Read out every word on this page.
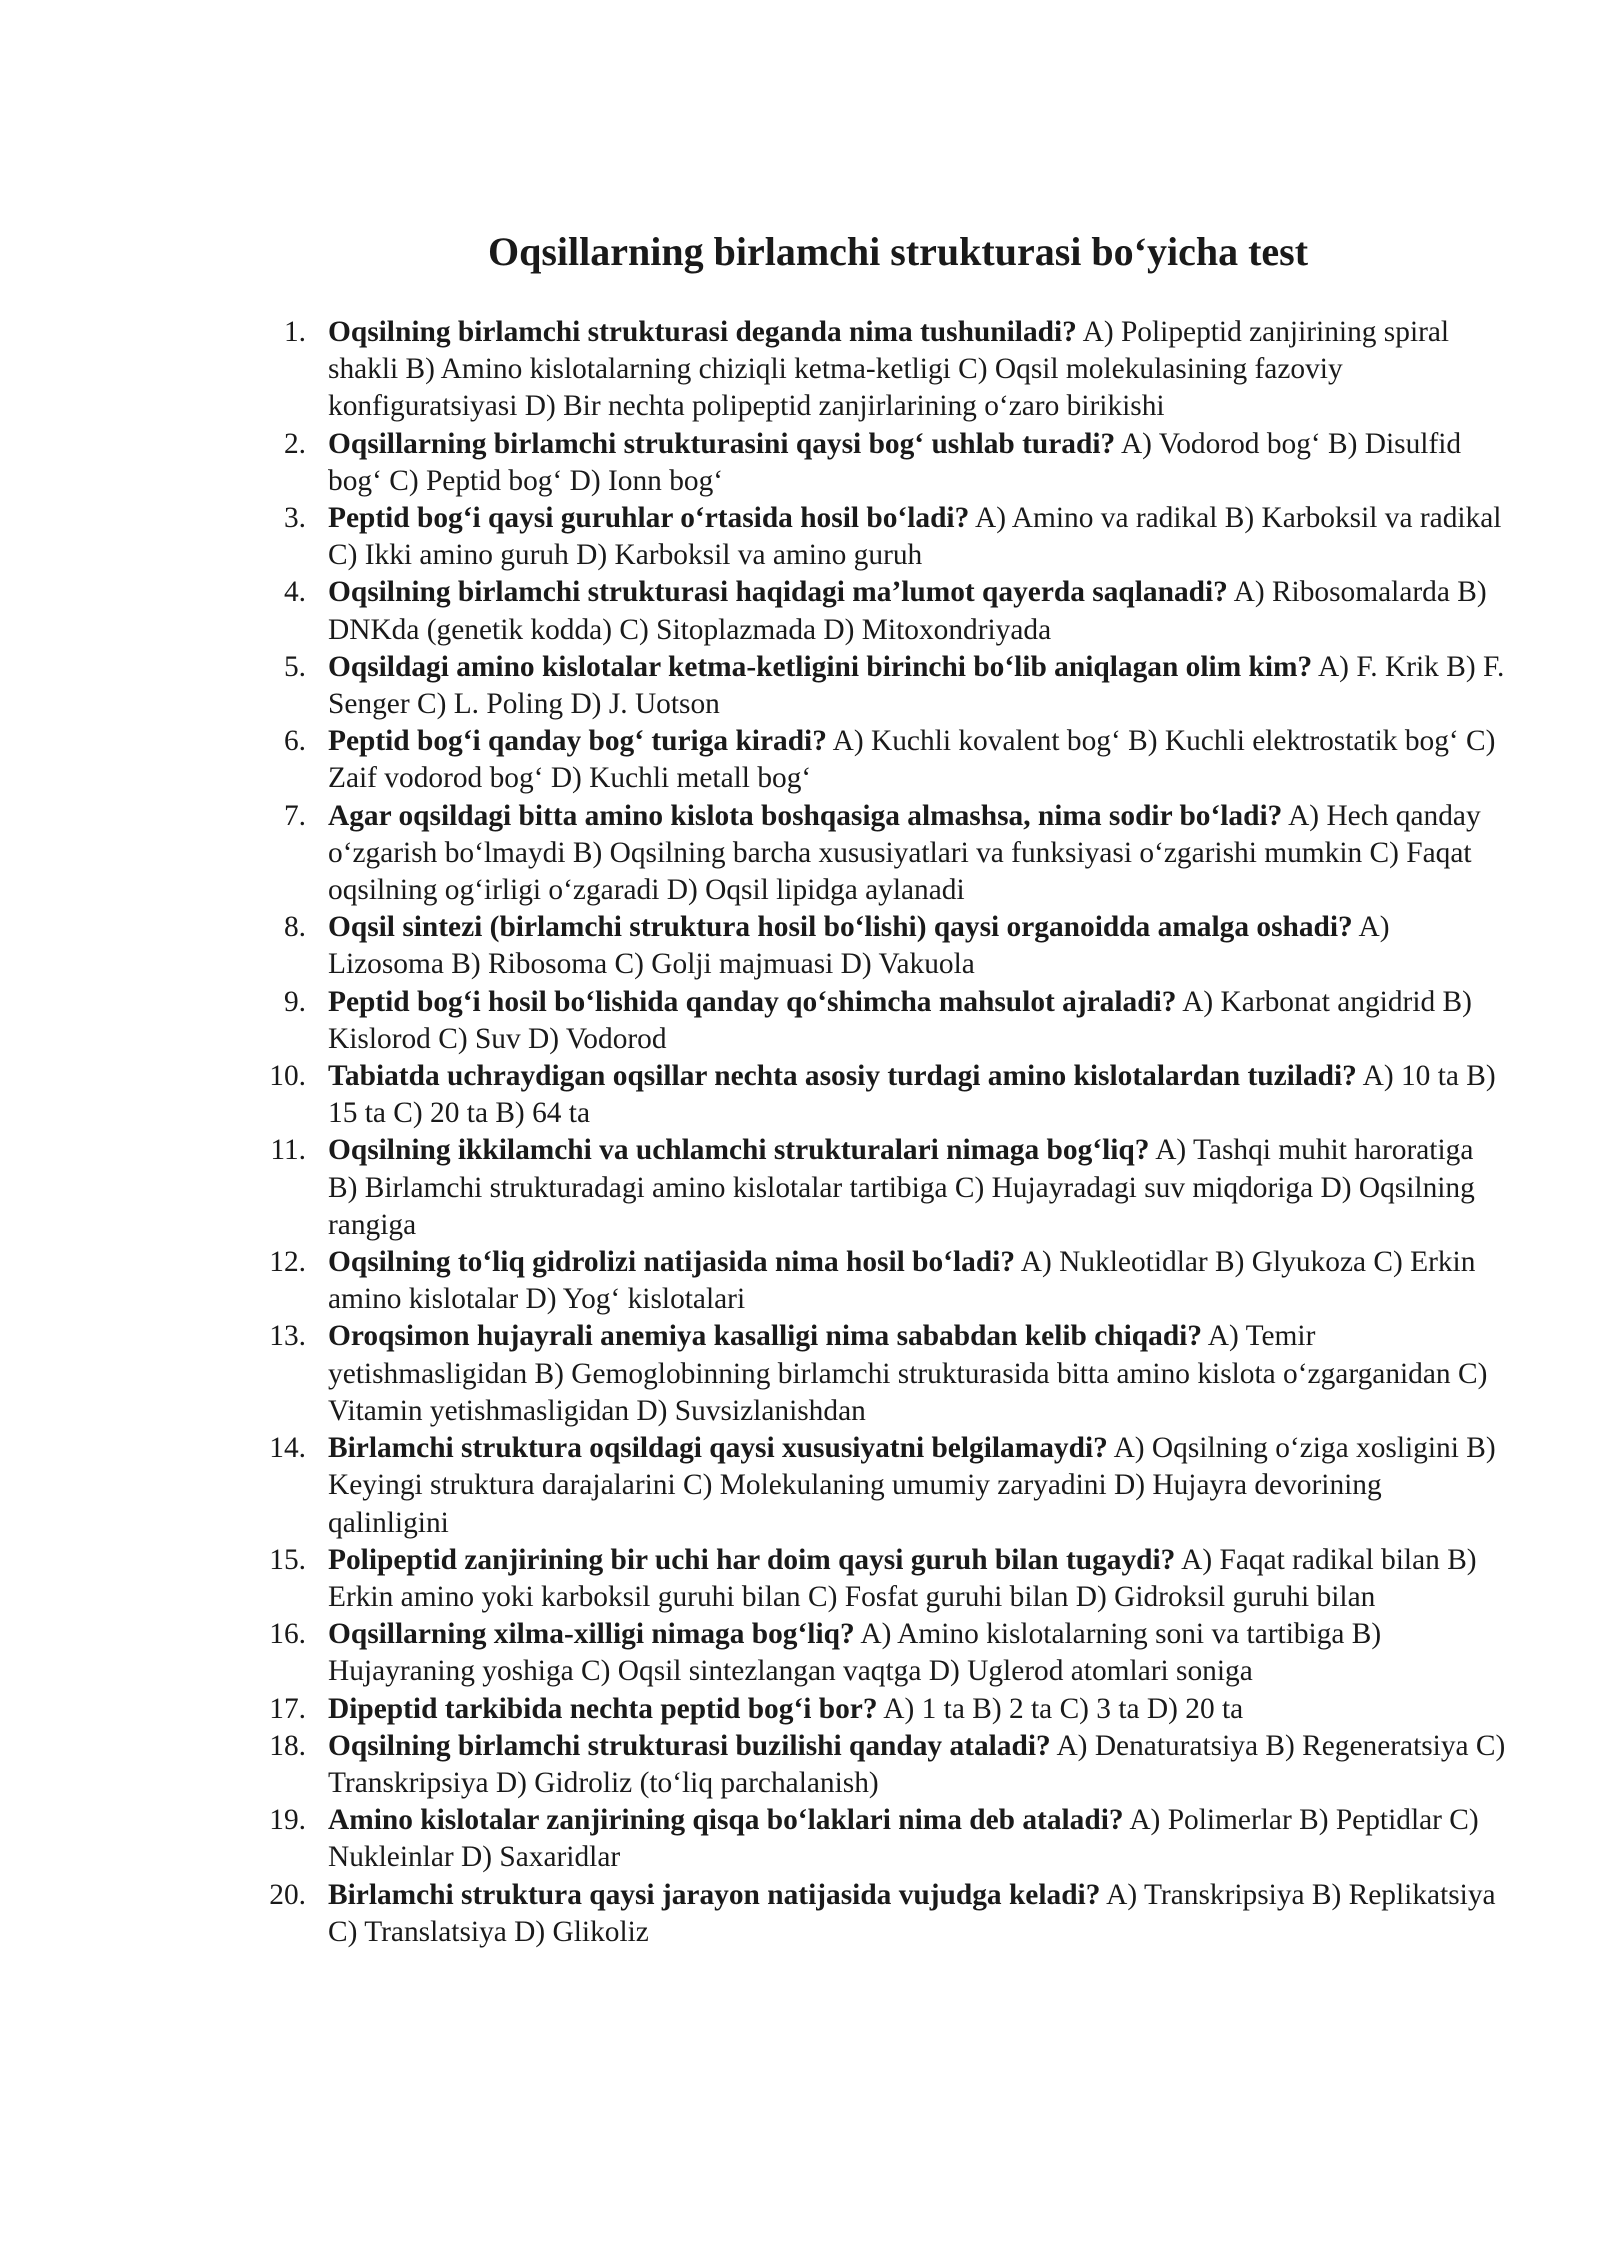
Oqsillarning birlamchi strukturasi bo‘yicha test
1. Oqsilning birlamchi strukturasi deganda nima tushuniladi? A) Polipeptid zanjirining spiral shakli B) Amino kislotalarning chiziqli ketma-ketligi C) Oqsil molekulasining fazoviy konfiguratsiyasi D) Bir nechta polipeptid zanjirlarining o‘zaro birikishi
2. Oqsillarning birlamchi strukturasini qaysi bog‘ ushlab turadi? A) Vodorod bog‘ B) Disulfid bog‘ C) Peptid bog‘ D) Ionn bog‘
3. Peptid bog‘i qaysi guruhlar o‘rtasida hosil bo‘ladi? A) Amino va radikal B) Karboksil va radikal C) Ikki amino guruh D) Karboksil va amino guruh
4. Oqsilning birlamchi strukturasi haqidagi ma’lumot qayerda saqlanadi? A) Ribosomalarda B) DNKda (genetik kodda) C) Sitoplazmada D) Mitoxondriyada
5. Oqsildagi amino kislotalar ketma-ketligini birinchi bo‘lib aniqlagan olim kim? A) F. Krik B) F. Senger C) L. Poling D) J. Uotson
6. Peptid bog‘i qanday bog‘ turiga kiradi? A) Kuchli kovalent bog‘ B) Kuchli elektrostatik bog‘ C) Zaif vodorod bog‘ D) Kuchli metall bog‘
7. Agar oqsildagi bitta amino kislota boshqasiga almashsa, nima sodir bo‘ladi? A) Hech qanday o‘zgarish bo‘lmaydi B) Oqsilning barcha xususiyatlari va funksiyasi o‘zgarishi mumkin C) Faqat oqsilning og‘irligi o‘zgaradi D) Oqsil lipidga aylanadi
8. Oqsil sintezi (birlamchi struktura hosil bo‘lishi) qaysi organoidda amalga oshadi? A) Lizosoma B) Ribosoma C) Golji majmuasi D) Vakuola
9. Peptid bog‘i hosil bo‘lishida qanday qo‘shimcha mahsulot ajraladi? A) Karbonat angidrid B) Kislorod C) Suv D) Vodorod
10. Tabiatda uchraydigan oqsillar nechta asosiy turdagi amino kislotalardan tuziladi? A) 10 ta B) 15 ta C) 20 ta B) 64 ta
11. Oqsilning ikkilamchi va uchlamchi strukturalari nimaga bog‘liq? A) Tashqi muhit haroratiga B) Birlamchi strukturadagi amino kislotalar tartibiga C) Hujayradagi suv miqdoriga D) Oqsilning rangiga
12. Oqsilning to‘liq gidrolizi natijasida nima hosil bo‘ladi? A) Nukleotidlar B) Glyukoza C) Erkin amino kislotalar D) Yog‘ kislotalari
13. Oroqsimon hujayrali anemiya kasalligi nima sababdan kelib chiqadi? A) Temir yetishmasligidan B) Gemoglobinning birlamchi strukturasida bitta amino kislota o‘zgarganidan C) Vitamin yetishmasligidan D) Suvsizlanishdan
14. Birlamchi struktura oqsildagi qaysi xususiyatni belgilamaydi? A) Oqsilning o‘ziga xosligini B) Keyingi struktura darajalarini C) Molekulaning umumiy zaryadini D) Hujayra devorining qalinligini
15. Polipeptid zanjirining bir uchi har doim qaysi guruh bilan tugaydi? A) Faqat radikal bilan B) Erkin amino yoki karboksil guruhi bilan C) Fosfat guruhi bilan D) Gidroksil guruhi bilan
16. Oqsillarning xilma-xilligi nimaga bog‘liq? A) Amino kislotalarning soni va tartibiga B) Hujayraning yoshiga C) Oqsil sintezlangan vaqtga D) Uglerod atomlari soniga
17. Dipeptid tarkibida nechta peptid bog‘i bor? A) 1 ta B) 2 ta C) 3 ta D) 20 ta
18. Oqsilning birlamchi strukturasi buzilishi qanday ataladi? A) Denaturatsiya B) Regeneratsiya C) Transkripsiya D) Gidroliz (to‘liq parchalanish)
19. Amino kislotalar zanjirining qisqa bo‘laklari nima deb ataladi? A) Polimerlar B) Peptidlar C) Nukleinlar D) Saxaridlar
20. Birlamchi struktura qaysi jarayon natijasida vujudga keladi? A) Transkripsiya B) Replikatsiya C) Translatsiya D) Glikoliz
